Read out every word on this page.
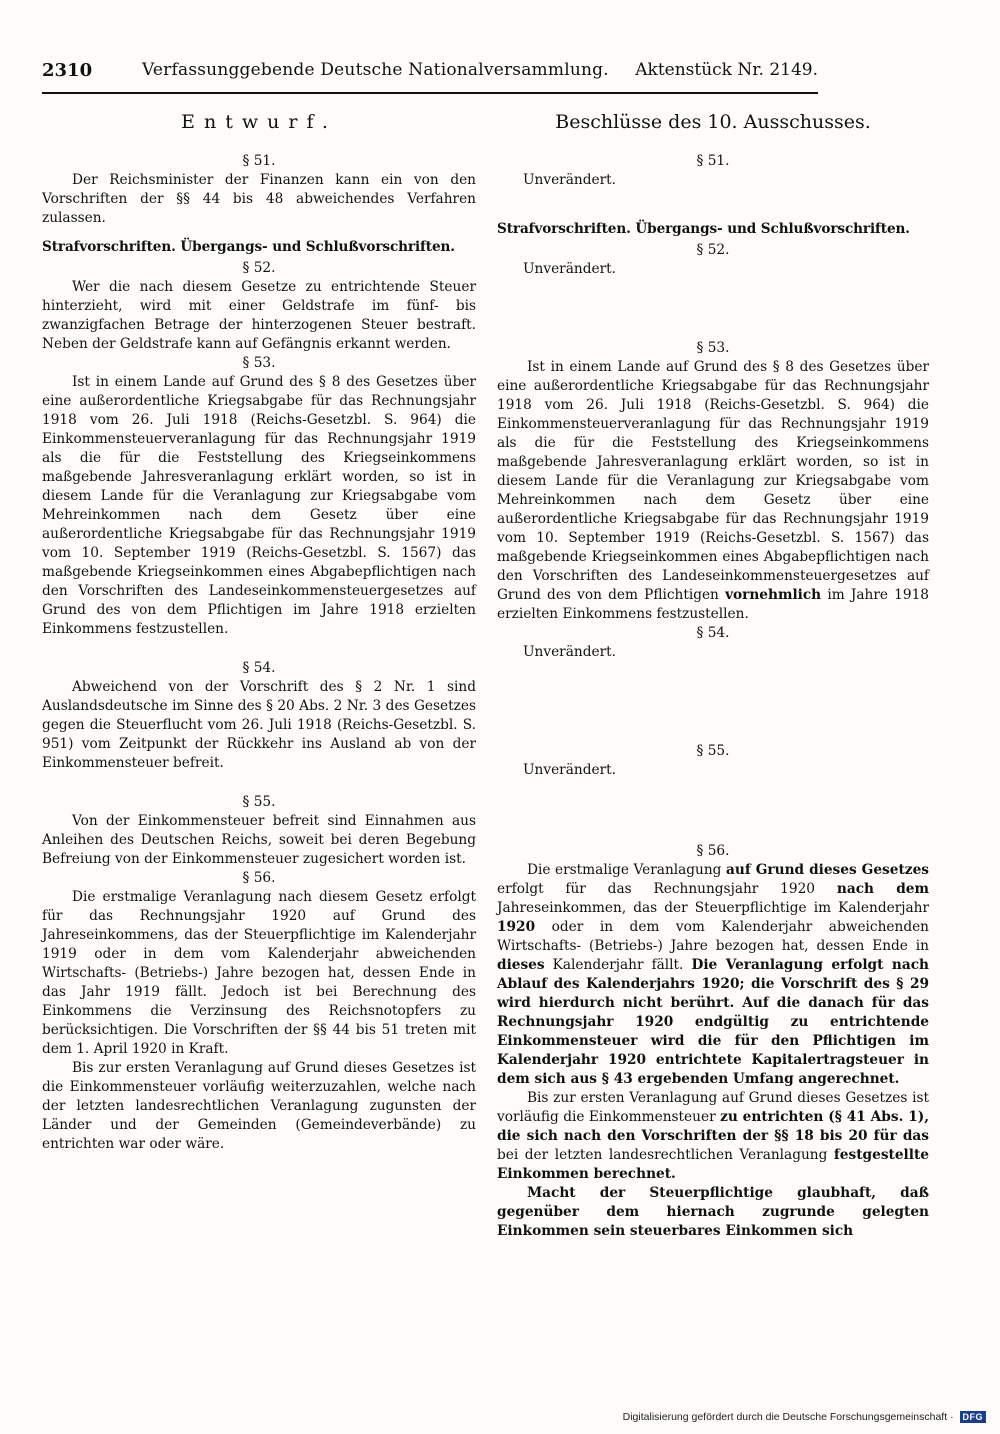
2310	Verfassunggebende Deutsche Nationalversammlung. Aktenstück Nr. 2149.

Entwurf.

§ 51.

Der Reichsminister der Finanzen kann ein von den Vorschriften der §§ 44 bis 48 abweichendes Verfahren zulassen.

Strafvorschriften. Übergangs- und Schlußvorschriften.

§ 52.

Wer die nach diesem Gesetze zu entrichtende Steuer hinterzieht, wird mit einer Geldstrafe im fünf- bis zwanzigfachen Betrage der hinterzogenen Steuer bestraft. Neben der Geldstrafe kann auf Gefängnis erkannt werden.

§ 53.

Ist in einem Lande auf Grund des § 8 des Gesetzes über eine außerordentliche Kriegsabgabe für das Rechnungsjahr 1918 vom 26. Juli 1918 (Reichs-Gesetzbl. S. 964) die Einkommensteuerveranlagung für das Rechnungsjahr 1919 als die für die Feststellung des Kriegseinkommens maßgebende Jahresveranlagung erklärt worden, so ist in diesem Lande für die Veranlagung zur Kriegsabgabe vom Mehreinkommen nach dem Gesetz über eine außerordentliche Kriegsabgabe für das Rechnungsjahr 1919 vom 10. September 1919 (Reichs-Gesetzbl. S. 1567) das maßgebende Kriegseinkommen eines Abgabepflichtigen nach den Vorschriften des Landeseinkommensteuergesetzes auf Grund des von dem Pflichtigen im Jahre 1918 erzielten Einkommens festzustellen.

§ 54.

Abweichend von der Vorschrift des § 2 Nr. 1 sind Auslandsdeutsche im Sinne des § 20 Abs. 2 Nr. 3 des Gesetzes gegen die Steuerflucht vom 26. Juli 1918 (Reichs-Gesetzbl. S. 951) vom Zeitpunkt der Rückkehr ins Ausland ab von der Einkommensteuer befreit.

§ 55.

Von der Einkommensteuer befreit sind Einnahmen aus Anleihen des Deutschen Reichs, soweit bei deren Begebung Befreiung von der Einkommensteuer zugesichert worden ist.

§ 56.

Die erstmalige Veranlagung nach diesem Gesetz erfolgt für das Rechnungsjahr 1920 auf Grund des Jahreseinkommens, das der Steuerpflichtige im Kalenderjahr 1919 oder in dem vom Kalenderjahr abweichenden Wirtschafts- (Betriebs-) Jahre bezogen hat, dessen Ende in das Jahr 1919 fällt. Jedoch ist bei Berechnung des Einkommens die Verzinsung des Reichsnotopfers zu berücksichtigen. Die Vorschriften der §§ 44 bis 51 treten mit dem 1. April 1920 in Kraft.

Bis zur ersten Veranlagung auf Grund dieses Gesetzes ist die Einkommensteuer vorläufig weiterzuzahlen, welche nach der letzten landesrechtlichen Veranlagung zugunsten der Länder und der Gemeinden (Gemeindeverbände) zu entrichten war oder wäre.

Beschlüsse des 10. Ausschusses.

§ 51.

Unverändert.

Strafvorschriften. Übergangs- und Schlußvorschriften.

§ 52.

Unverändert.

§ 53.

Ist in einem Lande auf Grund des § 8 des Gesetzes über eine außerordentliche Kriegsabgabe für das Rechnungsjahr 1918 vom 26. Juli 1918 (Reichs-Gesetzbl. S. 964) die Einkommensteuerveranlagung für das Rechnungsjahr 1919 als die für die Feststellung des Kriegseinkommens maßgebende Jahresveranlagung erklärt worden, so ist in diesem Lande für die Veranlagung zur Kriegsabgabe vom Mehreinkommen nach dem Gesetz über eine außerordentliche Kriegsabgabe für das Rechnungsjahr 1919 vom 10. September 1919 (Reichs-Gesetzbl. S. 1567) das maßgebende Kriegseinkommen eines Abgabepflichtigen nach den Vorschriften des Landeseinkommensteuergesetzes auf Grund des von dem Pflichtigen vornehmlich im Jahre 1918 erzielten Einkommens festzustellen.

§ 54.

Unverändert.

§ 55.

Unverändert.

§ 56.

Die erstmalige Veranlagung auf Grund dieses Gesetzes erfolgt für das Rechnungsjahr 1920 nach dem Jahreseinkommen, das der Steuerpflichtige im Kalenderjahr 1920 oder in dem vom Kalenderjahr abweichenden Wirtschafts- (Betriebs-) Jahre bezogen hat, dessen Ende in dieses Kalenderjahr fällt. Die Veranlagung erfolgt nach Ablauf des Kalenderjahrs 1920; die Vorschrift des § 29 wird hierdurch nicht berührt. Auf die danach für das Rechnungsjahr 1920 endgültig zu entrichtende Einkommensteuer wird die für den Pflichtigen im Kalenderjahr 1920 entrichtete Kapitalertragsteuer in dem sich aus § 43 ergebenden Umfang angerechnet.

Bis zur ersten Veranlagung auf Grund dieses Gesetzes ist vorläufig die Einkommensteuer zu entrichten (§ 41 Abs. 1), die sich nach den Vorschriften der §§ 18 bis 20 für das bei der letzten landesrechtlichen Veranlagung festgestellte Einkommen berechnet.

Macht der Steuerpflichtige glaubhaft, daß gegenüber dem hiernach zugrunde gelegten Einkommen sein steuerbares Einkommen sich

Digitalisierung gefördert durch die Deutsche Forschungsgemeinschaft · DFG
